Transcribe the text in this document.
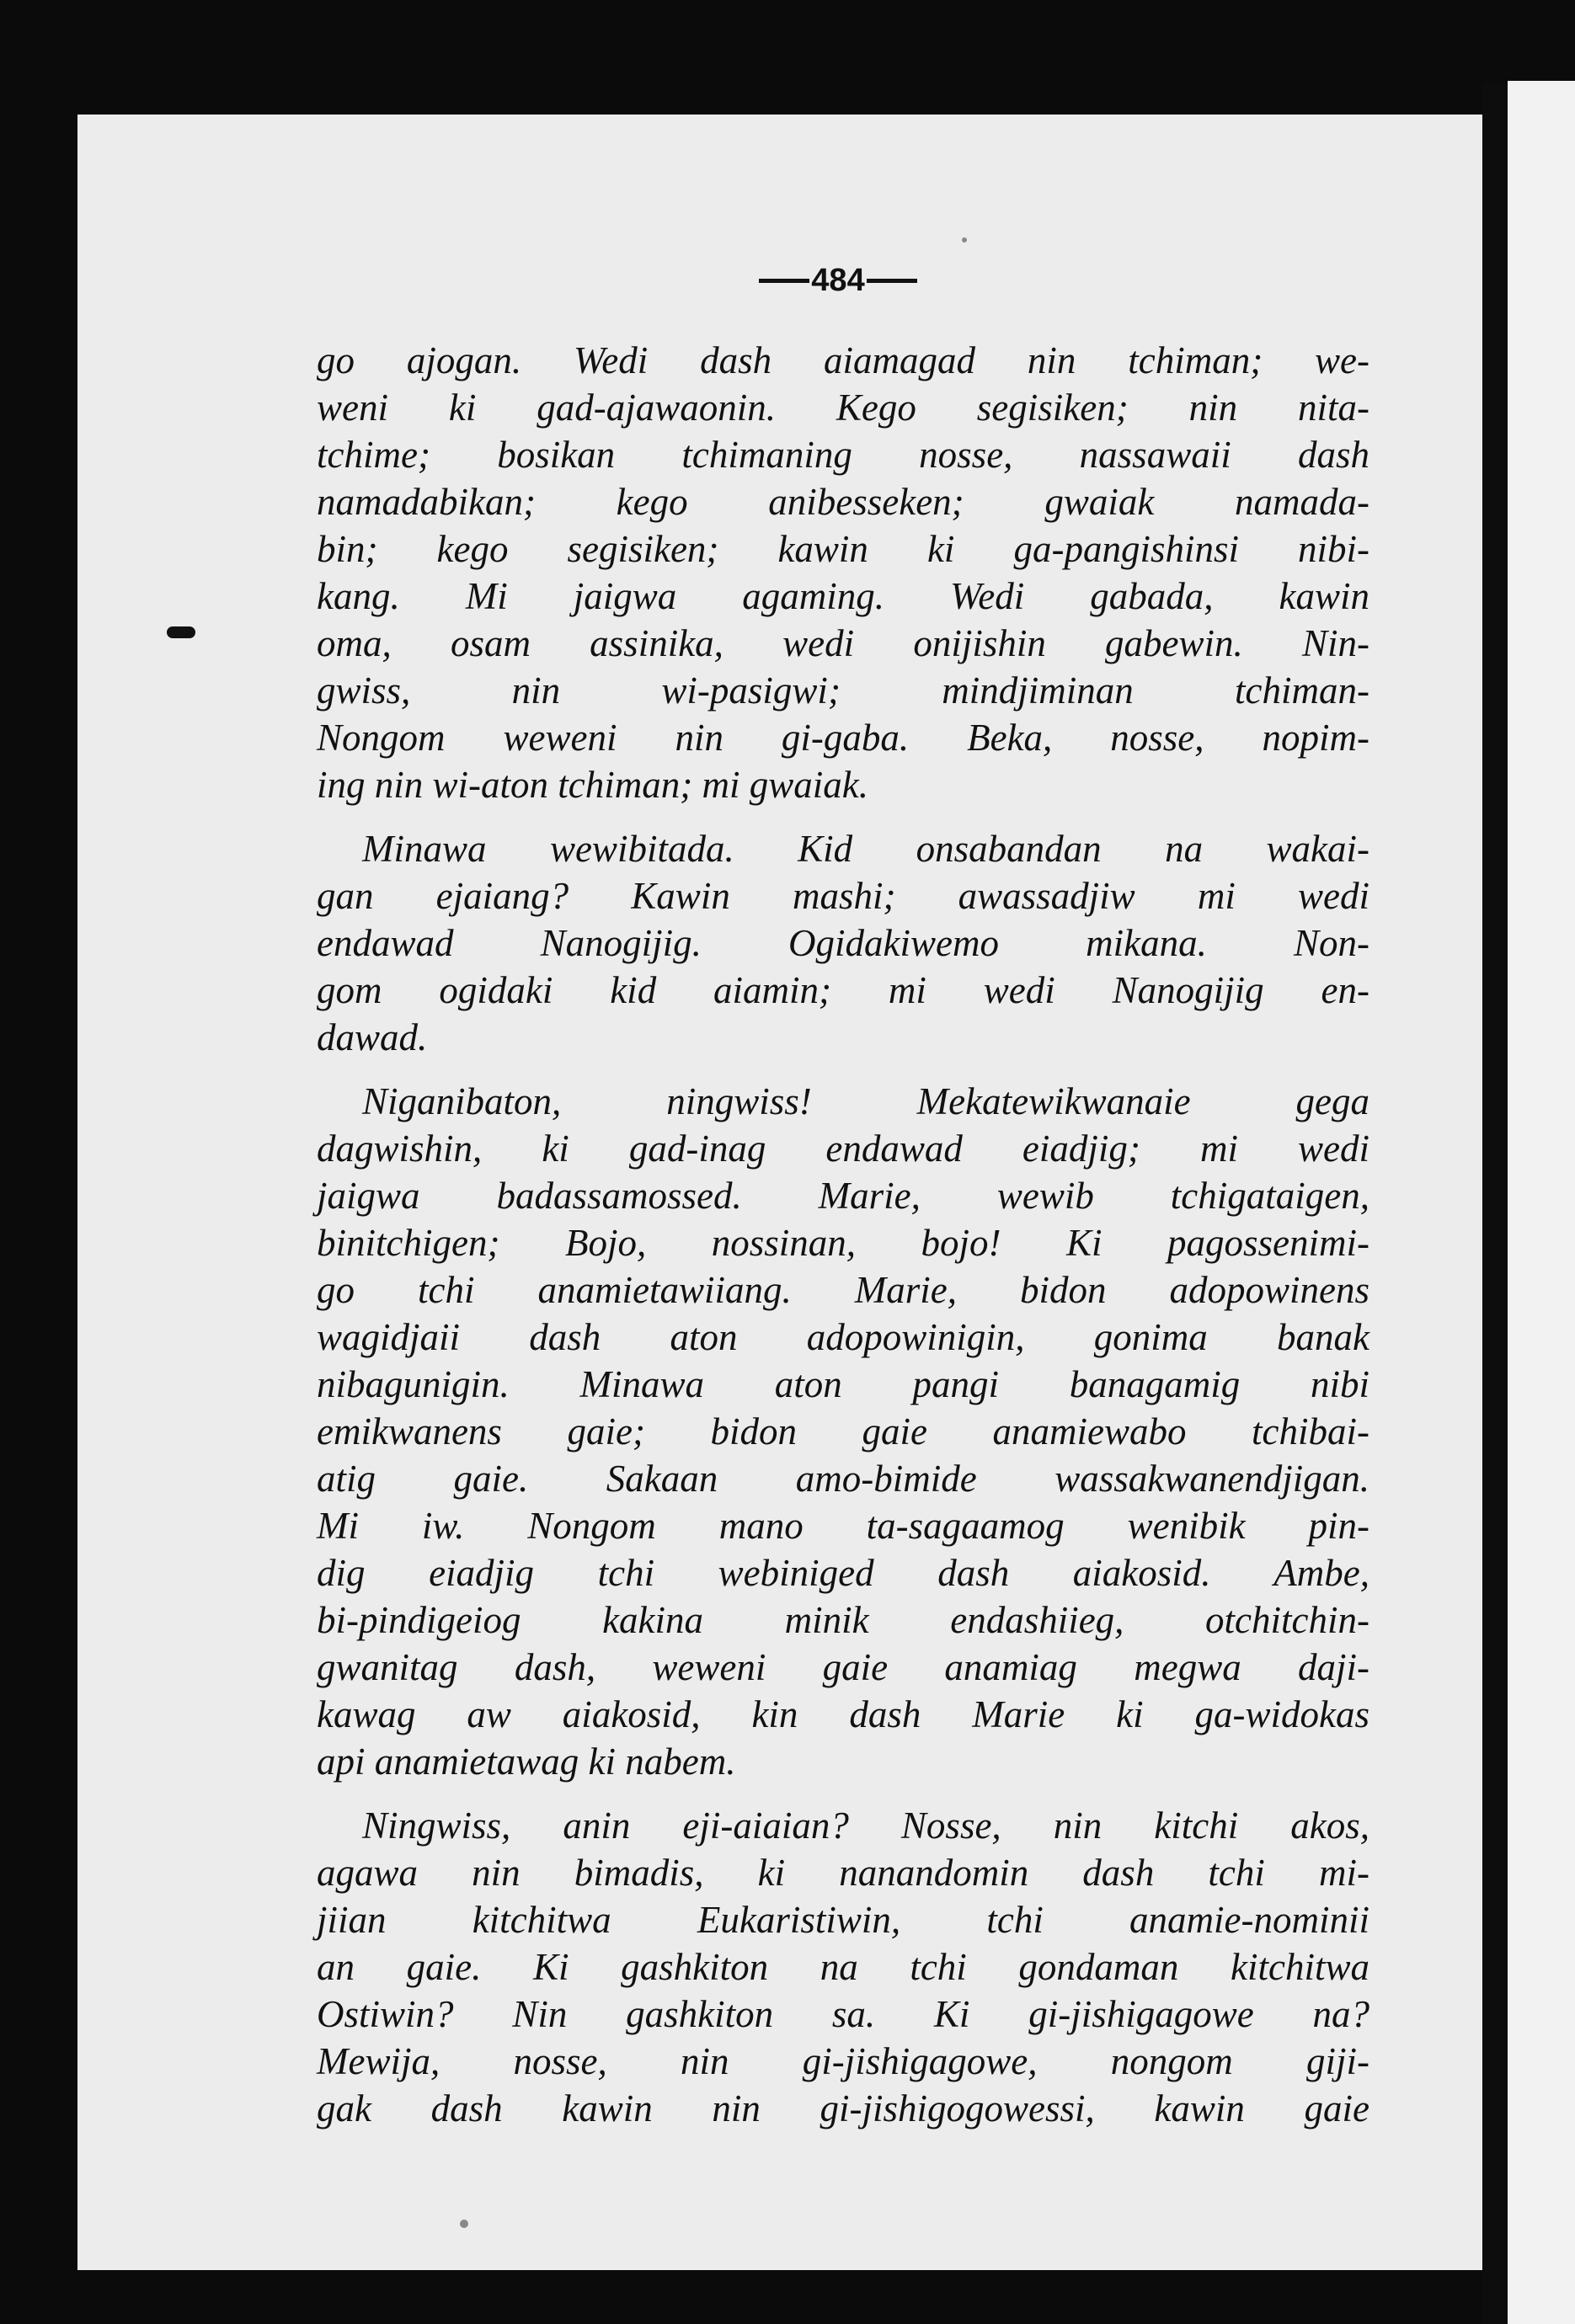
484
go ajogan. Wedi dash aiamagad nin tchiman; we-
weni ki gad-ajawaonin. Kego segisiken; nin nita-
tchime; bosikan tchimaning nosse, nassawaii dash
namadabikan; kego anibesseken; gwaiak namada-
bin; kego segisiken; kawin ki ga-pangishinsi nibi-
kang. Mi jaigwa agaming. Wedi gabada, kawin
oma, osam assinika, wedi onijishin gabewin. Nin-
gwiss, nin wi-pasigwi; mindjiminan tchiman-
Nongom weweni nin gi-gaba. Beka, nosse, nopim-
ing nin wi-aton tchiman; mi gwaiak.
Minawa wewibitada. Kid onsabandan na wakai-
gan ejaiang? Kawin mashi; awassadjiw mi wedi
endawad Nanogijig. Ogidakiwemo mikana. Non-
gom ogidaki kid aiamin; mi wedi Nanogijig en-
dawad.
Niganibaton, ningwiss! Mekatewikwanaie gega
dagwishin, ki gad-inag endawad eiadjig; mi wedi
jaigwa badassamossed. Marie, wewib tchigataigen,
binitchigen; Bojo, nossinan, bojo! Ki pagossenimi-
go tchi anamietawiiang. Marie, bidon adopowinens
wagidjaii dash aton adopowinigin, gonima banak
nibagunigin. Minawa aton pangi banagamig nibi
emikwanens gaie; bidon gaie anamiewabo tchibai-
atig gaie. Sakaan amo-bimide wassakwanendjigan.
Mi iw. Nongom mano ta-sagaamog wenibik pin-
dig eiadjig tchi webiniged dash aiakosid. Ambe,
bi-pindigeiog kakina minik endashiieg, otchitchin-
gwanitag dash, weweni gaie anamiag megwa daji-
kawag aw aiakosid, kin dash Marie ki ga-widokas
api anamietawag ki nabem.
Ningwiss, anin eji-aiaian? Nosse, nin kitchi akos,
agawa nin bimadis, ki nanandomin dash tchi mi-
jiian kitchitwa Eukaristiwin, tchi anamie-nominii
an gaie. Ki gashkiton na tchi gondaman kitchitwa
Ostiwin? Nin gashkiton sa. Ki gi-jishigagowe na?
Mewija, nosse, nin gi-jishigagowe, nongom giji-
gak dash kawin nin gi-jishigogowessi, kawin gaie
